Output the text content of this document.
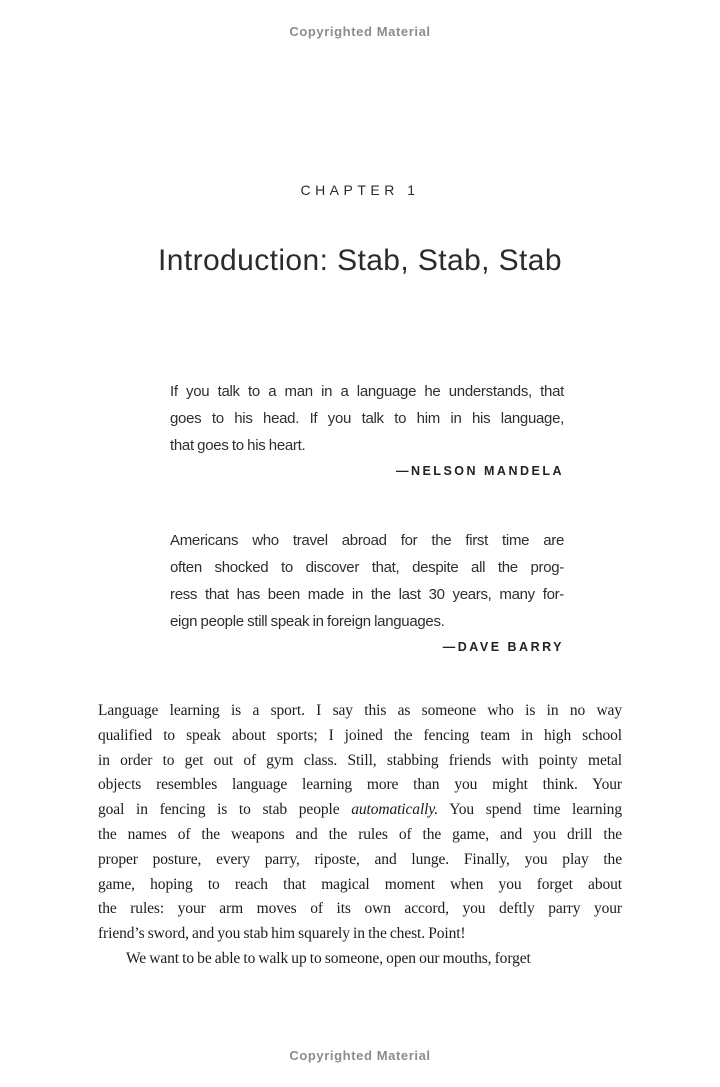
Copyrighted Material
CHAPTER 1
Introduction: Stab, Stab, Stab
If you talk to a man in a language he understands, that
goes to his head. If you talk to him in his language,
that goes to his heart.
—NELSON MANDELA
Americans who travel abroad for the first time are
often shocked to discover that, despite all the prog-
ress that has been made in the last 30 years, many for-
eign people still speak in foreign languages.
—DAVE BARRY
Language learning is a sport. I say this as someone who is in no way
qualified to speak about sports; I joined the fencing team in high school
in order to get out of gym class. Still, stabbing friends with pointy metal
objects resembles language learning more than you might think. Your
goal in fencing is to stab people automatically. You spend time learning
the names of the weapons and the rules of the game, and you drill the
proper posture, every parry, riposte, and lunge. Finally, you play the
game, hoping to reach that magical moment when you forget about
the rules: your arm moves of its own accord, you deftly parry your
friend’s sword, and you stab him squarely in the chest. Point!
We want to be able to walk up to someone, open our mouths, forget
Copyrighted Material
